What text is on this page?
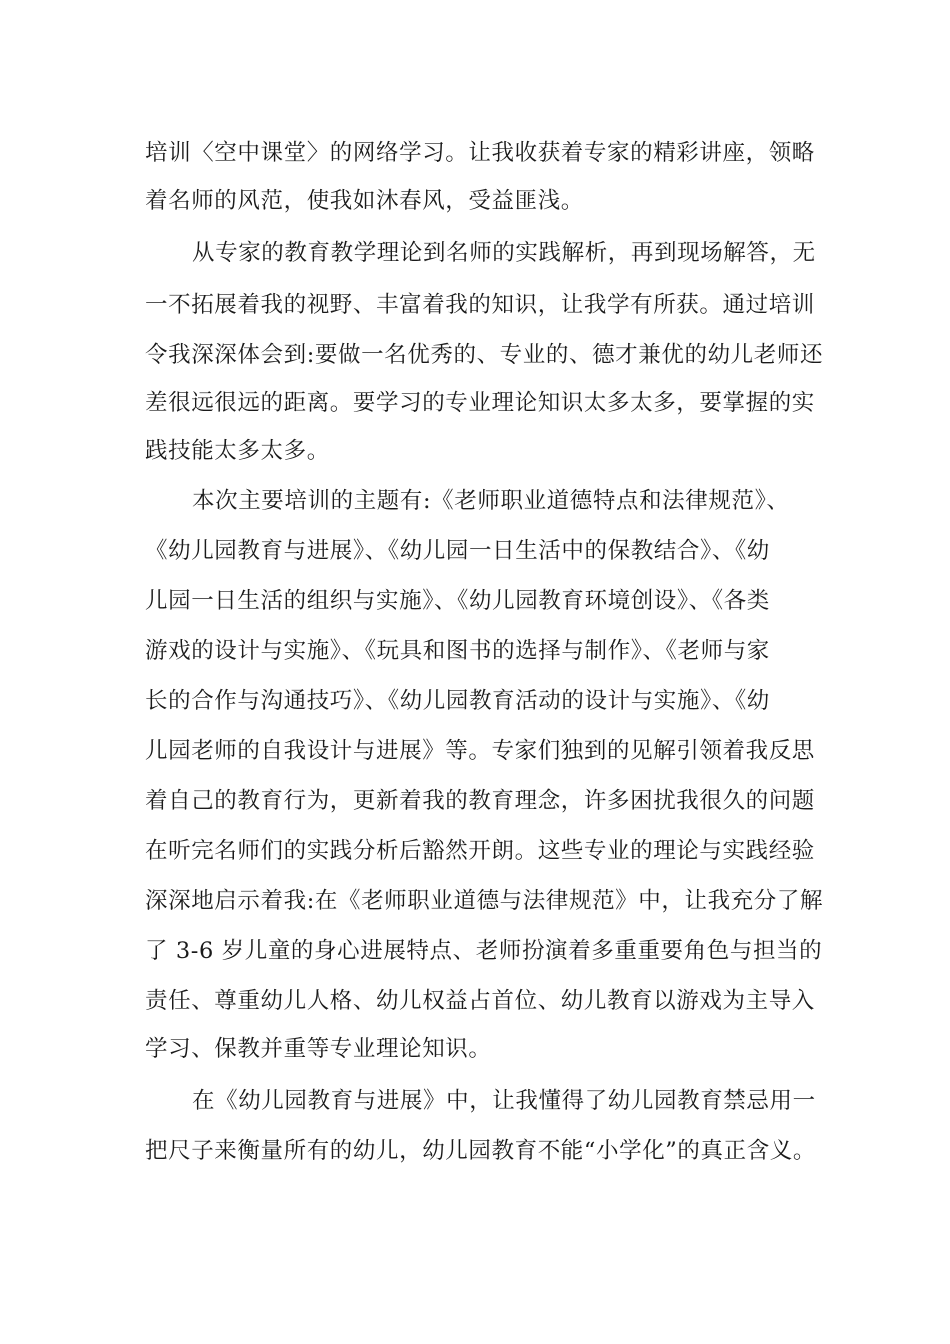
培训〈空中课堂〉的网络学习。让我收获着专家的精彩讲座，领略
着名师的风范，使我如沐春风，受益匪浅。
从专家的教育教学理论到名师的实践解析，再到现场解答，无
一不拓展着我的视野、丰富着我的知识，让我学有所获。通过培训
令我深深体会到:要做一名优秀的、专业的、德才兼优的幼儿老师还
差很远很远的距离。要学习的专业理论知识太多太多，要掌握的实
践技能太多太多。
本次主要培训的主题有:《老师职业道德特点和法律规范》、
《幼儿园教育与进展》、《幼儿园一日生活中的保教结合》、《幼
儿园一日生活的组织与实施》、《幼儿园教育环境创设》、《各类
游戏的设计与实施》、《玩具和图书的选择与制作》、《老师与家
长的合作与沟通技巧》、《幼儿园教育活动的设计与实施》、《幼
儿园老师的自我设计与进展》等。专家们独到的见解引领着我反思
着自己的教育行为，更新着我的教育理念，许多困扰我很久的问题
在听完名师们的实践分析后豁然开朗。这些专业的理论与实践经验
深深地启示着我:在《老师职业道德与法律规范》中，让我充分了解
了 3-6 岁儿童的身心进展特点、老师扮演着多重重要角色与担当的
责任、尊重幼儿人格、幼儿权益占首位、幼儿教育以游戏为主导入
学习、保教并重等专业理论知识。
在《幼儿园教育与进展》中，让我懂得了幼儿园教育禁忌用一
把尺子来衡量所有的幼儿，幼儿园教育不能“小学化”的真正含义。
